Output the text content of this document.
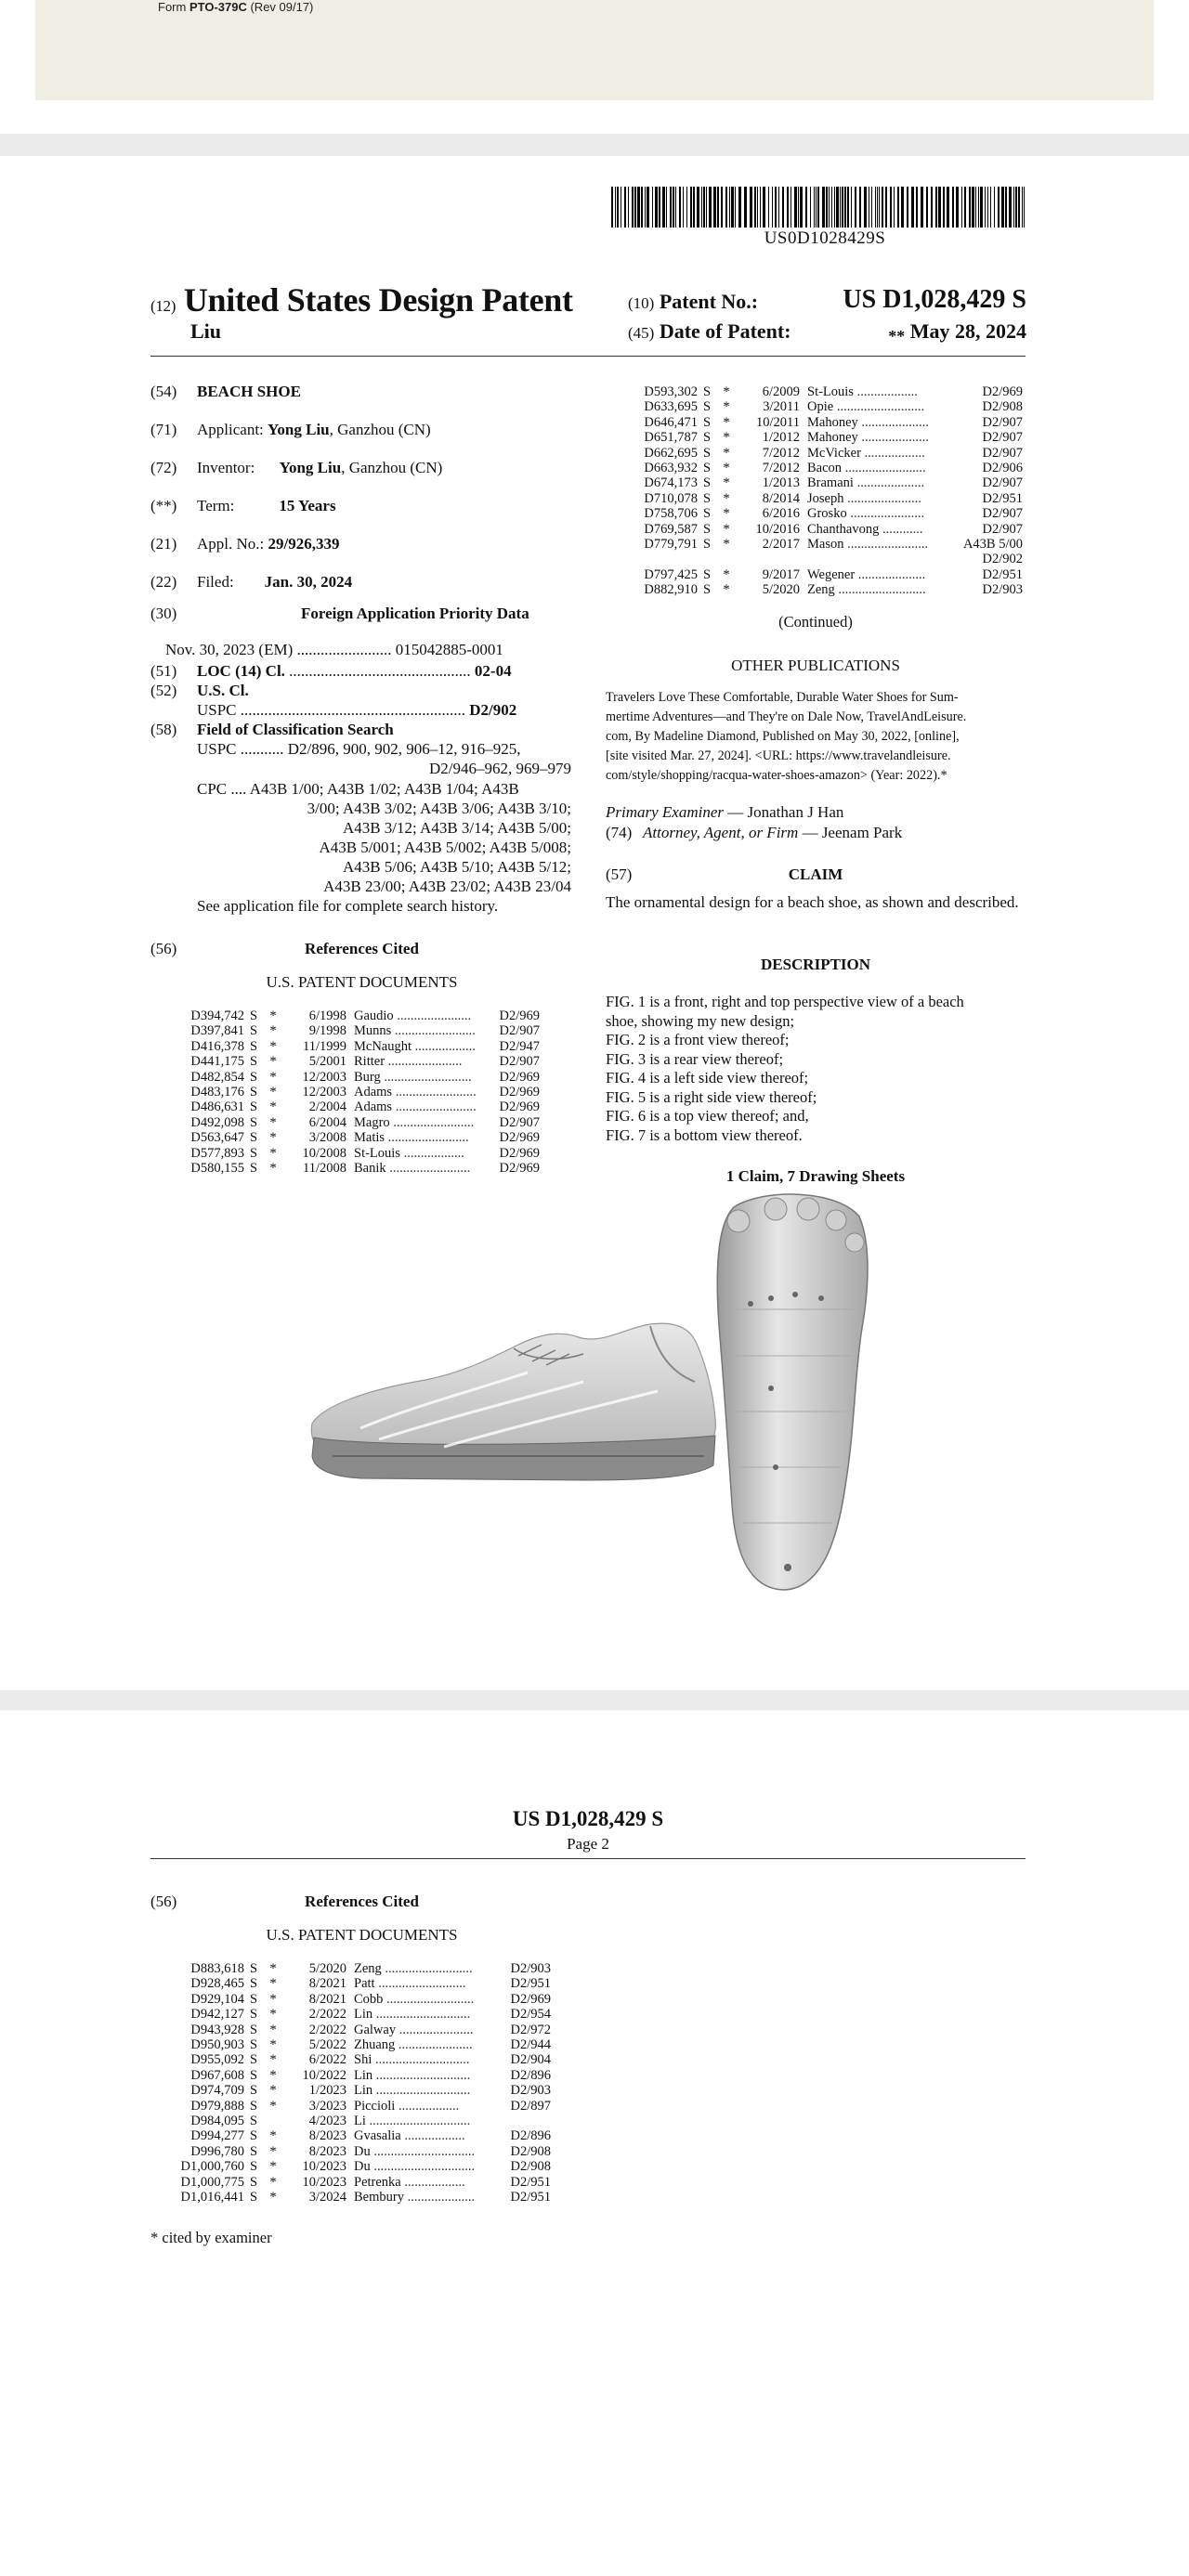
Form PTO-379C (Rev 09/17)
US0D1028429S
(12) United States Design Patent
Liu
(10) Patent No.:	US D1,028,429 S
(45) Date of Patent:	** May 28, 2024
(54) BEACH SHOE
(71) Applicant: Yong Liu, Ganzhou (CN)
(72) Inventor: Yong Liu, Ganzhou (CN)
(**) Term:	15 Years
(21) Appl. No.: 29/926,339
(22) Filed: Jan. 30, 2024
(30)	Foreign Application Priority Data
Nov. 30, 2023 (EM) ........................ 015042885-0001
(51) LOC (14) Cl. .............................................. 02-04
(52) U.S. Cl.
USPC ......................................................... D2/902
(58) Field of Classification Search
USPC ........... D2/896, 900, 902, 906–12, 916–925,
D2/946–962, 969–979
CPC .... A43B 1/00; A43B 1/02; A43B 1/04; A43B
3/00; A43B 3/02; A43B 3/06; A43B 3/10;
A43B 3/12; A43B 3/14; A43B 5/00;
A43B 5/001; A43B 5/002; A43B 5/008;
A43B 5/06; A43B 5/10; A43B 5/12;
A43B 23/00; A43B 23/02; A43B 23/04
See application file for complete search history.
(56)	References Cited
U.S. PATENT DOCUMENTS
D394,742	S	*	6/1998	Gaudio ......................	D2/969
D397,841	S	*	9/1998	Munns ........................	D2/907
D416,378	S	*	11/1999	McNaught ..................	D2/947
D441,175	S	*	5/2001	Ritter ......................	D2/907
D482,854	S	*	12/2003	Burg ..........................	D2/969
D483,176	S	*	12/2003	Adams ........................	D2/969
D486,631	S	*	2/2004	Adams ........................	D2/969
D492,098	S	*	6/2004	Magro ........................	D2/907
D563,647	S	*	3/2008	Matis ........................	D2/969
D577,893	S	*	10/2008	St-Louis ..................	D2/969
D580,155	S	*	11/2008	Banik ........................	D2/969
D593,302	S	*	6/2009	St-Louis ..................	D2/969
D633,695	S	*	3/2011	Opie ..........................	D2/908
D646,471	S	*	10/2011	Mahoney ....................	D2/907
D651,787	S	*	1/2012	Mahoney ....................	D2/907
D662,695	S	*	7/2012	McVicker ..................	D2/907
D663,932	S	*	7/2012	Bacon ........................	D2/906
D674,173	S	*	1/2013	Bramani ....................	D2/907
D710,078	S	*	8/2014	Joseph ......................	D2/951
D758,706	S	*	6/2016	Grosko ......................	D2/907
D769,587	S	*	10/2016	Chanthavong ............	D2/907
D779,791	S	*	2/2017	Mason ........................	A43B 5/00
					D2/902
D797,425	S	*	9/2017	Wegener ....................	D2/951
D882,910	S	*	5/2020	Zeng ..........................	D2/903
(Continued)
OTHER PUBLICATIONS
Travelers Love These Comfortable, Durable Water Shoes for Sum-
mertime Adventures—and They're on Dale Now, TravelAndLeisure.
com, By Madeline Diamond, Published on May 30, 2022, [online],
[site visited Mar. 27, 2024]. <URL: https://www.travelandleisure.
com/style/shopping/racqua-water-shoes-amazon> (Year: 2022).*
Primary Examiner — Jonathan J Han
(74) Attorney, Agent, or Firm — Jeenam Park
(57)	CLAIM
The ornamental design for a beach shoe, as shown and described.
DESCRIPTION
FIG. 1 is a front, right and top perspective view of a beach
shoe, showing my new design;
FIG. 2 is a front view thereof;
FIG. 3 is a rear view thereof;
FIG. 4 is a left side view thereof;
FIG. 5 is a right side view thereof;
FIG. 6 is a top view thereof; and,
FIG. 7 is a bottom view thereof.
1 Claim, 7 Drawing Sheets
US D1,028,429 S
Page 2
(56)	References Cited
U.S. PATENT DOCUMENTS
D883,618	S	*	5/2020	Zeng ..........................	D2/903
D928,465	S	*	8/2021	Patt ..........................	D2/951
D929,104	S	*	8/2021	Cobb ..........................	D2/969
D942,127	S	*	2/2022	Lin ............................	D2/954
D943,928	S	*	2/2022	Galway ......................	D2/972
D950,903	S	*	5/2022	Zhuang ......................	D2/944
D955,092	S	*	6/2022	Shi ............................	D2/904
D967,608	S	*	10/2022	Lin ............................	D2/896
D974,709	S	*	1/2023	Lin ............................	D2/903
D979,888	S	*	3/2023	Piccioli ..................	D2/897
D984,095	S		4/2023	Li ..............................	
D994,277	S	*	8/2023	Gvasalia ..................	D2/896
D996,780	S	*	8/2023	Du ..............................	D2/908
D1,000,760	S	*	10/2023	Du ..............................	D2/908
D1,000,775	S	*	10/2023	Petrenka ..................	D2/951
D1,016,441	S	*	3/2024	Bembury ....................	D2/951
* cited by examiner
